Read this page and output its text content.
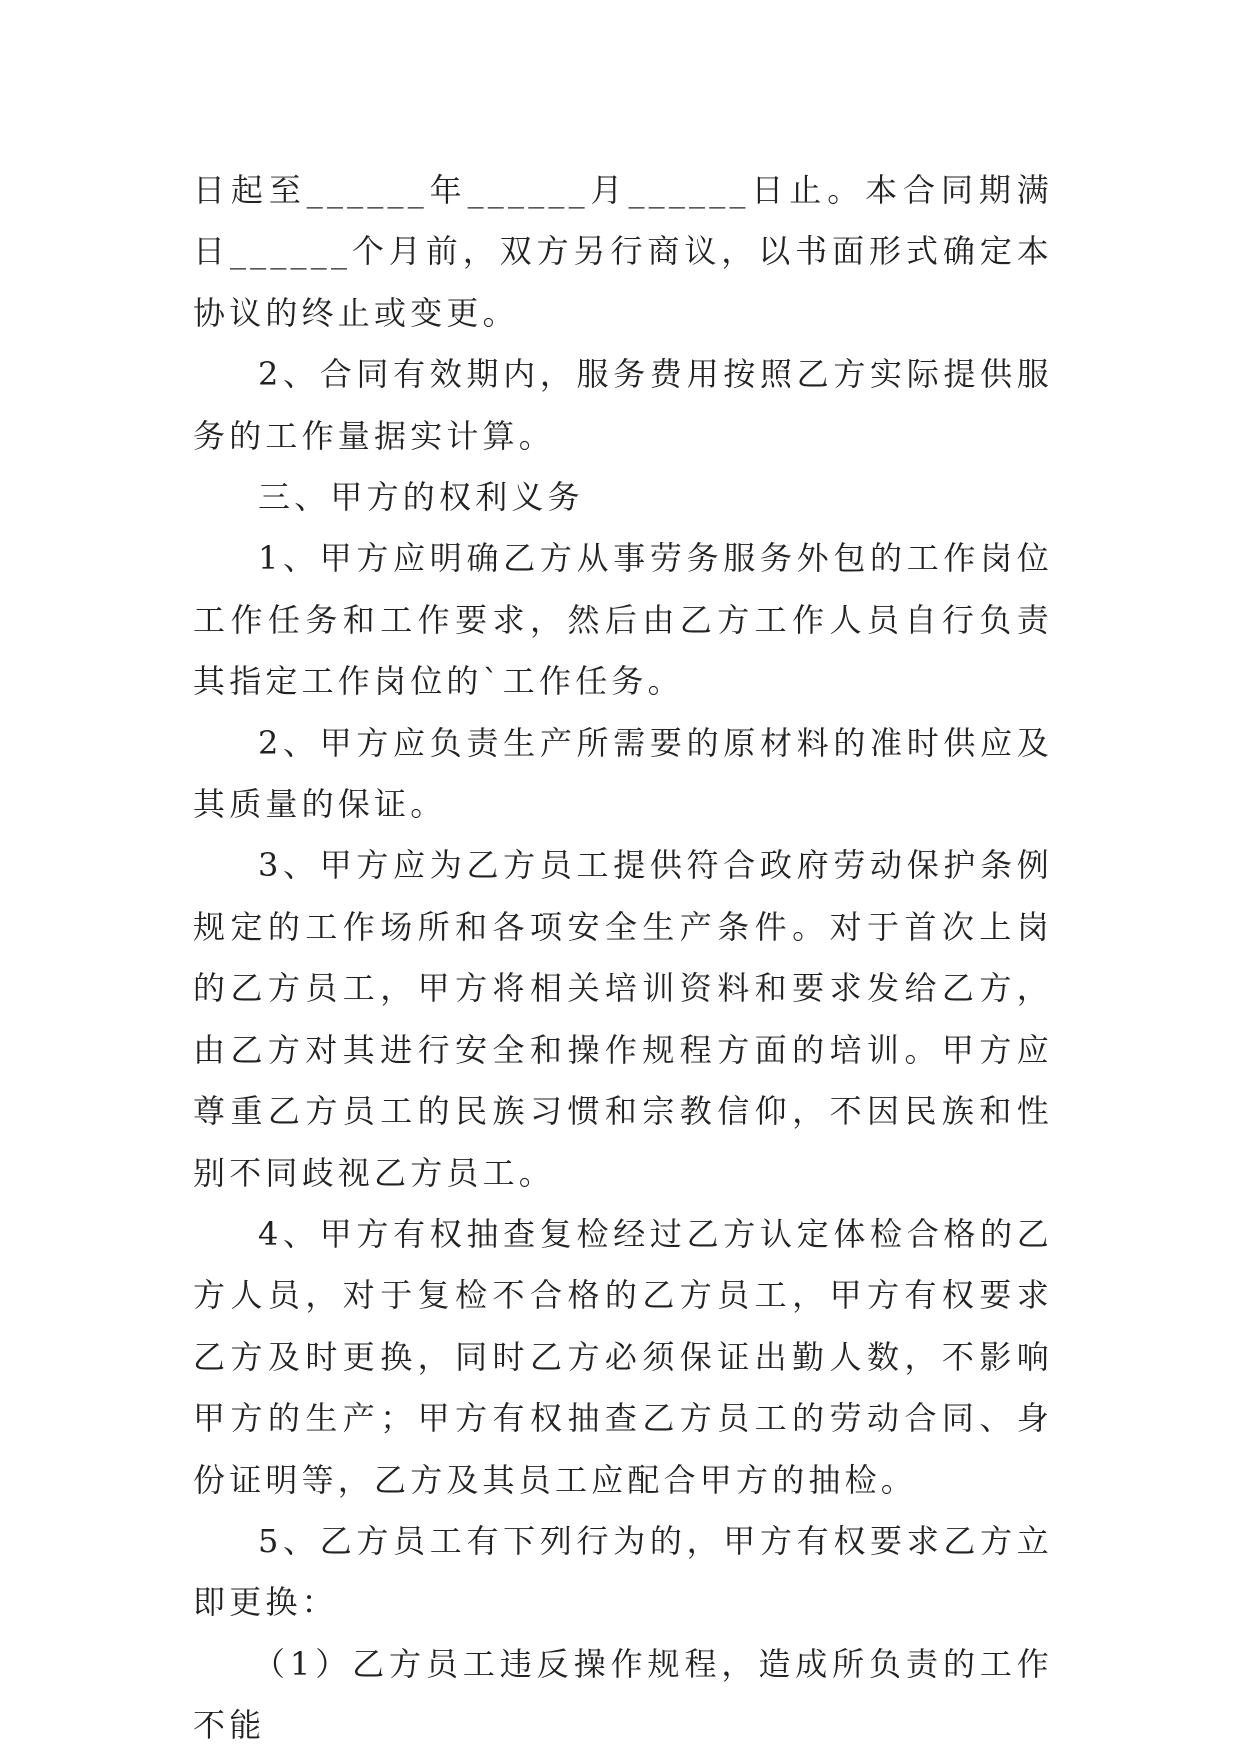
日起至______年______月______日止。本合同期满日______个月前，双方另行商议，以书面形式确定本协议的终止或变更。

2、合同有效期内，服务费用按照乙方实际提供服务的工作量据实计算。

三、甲方的权利义务

1、甲方应明确乙方从事劳务服务外包的工作岗位工作任务和工作要求，然后由乙方工作人员自行负责其指定工作岗位的`工作任务。

2、甲方应负责生产所需要的原材料的准时供应及其质量的保证。

3、甲方应为乙方员工提供符合政府劳动保护条例规定的工作场所和各项安全生产条件。对于首次上岗的乙方员工，甲方将相关培训资料和要求发给乙方，由乙方对其进行安全和操作规程方面的培训。甲方应尊重乙方员工的民族习惯和宗教信仰，不因民族和性别不同歧视乙方员工。

4、甲方有权抽查复检经过乙方认定体检合格的乙方人员，对于复检不合格的乙方员工，甲方有权要求乙方及时更换，同时乙方必须保证出勤人数，不影响甲方的生产；甲方有权抽查乙方员工的劳动合同、身份证明等，乙方及其员工应配合甲方的抽检。

5、乙方员工有下列行为的，甲方有权要求乙方立即更换：

（1）乙方员工违反操作规程，造成所负责的工作不能
